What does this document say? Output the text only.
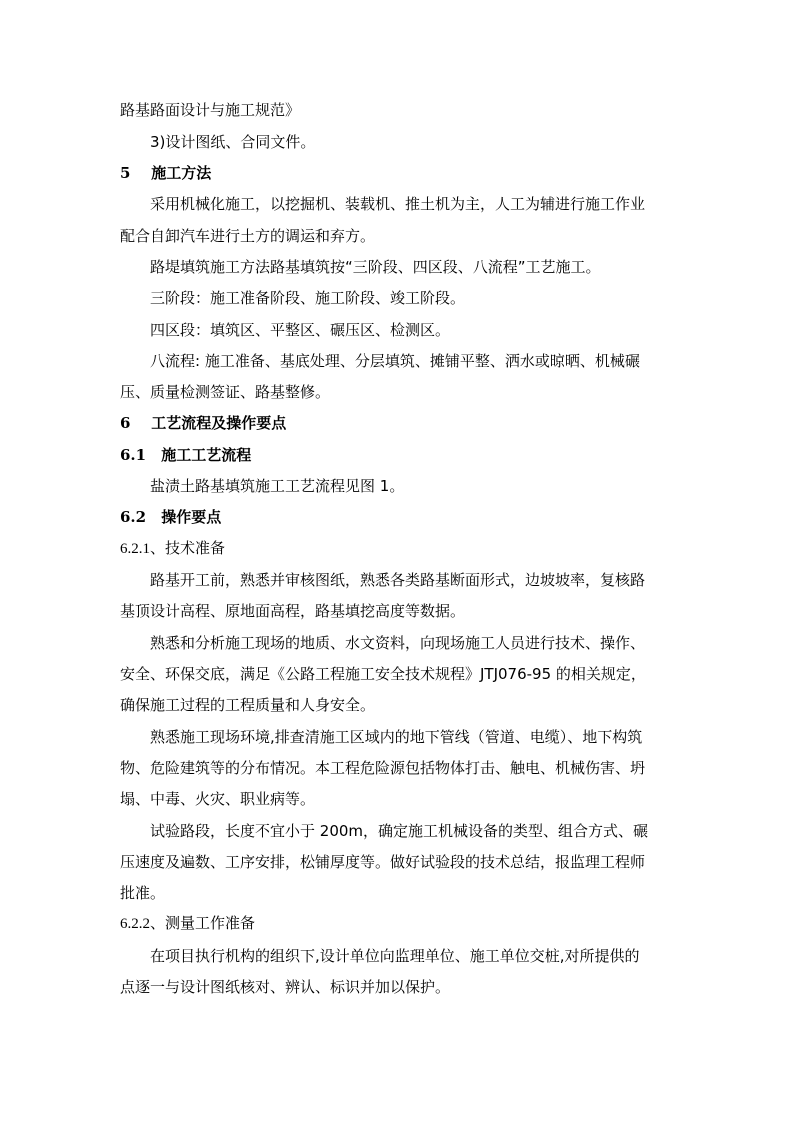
路基路面设计与施工规范》
3)设计图纸、合同文件。
5 施工方法
采用机械化施工，以挖掘机、装载机、推土机为主，人工为辅进行施工作业
配合自卸汽车进行土方的调运和弃方。
路堤填筑施工方法路基填筑按“三阶段、四区段、八流程”工艺施工。
三阶段：施工准备阶段、施工阶段、竣工阶段。
四区段：填筑区、平整区、碾压区、检测区。
八流程: 施工准备、基底处理、分层填筑、摊铺平整、洒水或晾晒、机械碾
压、质量检测签证、路基整修。
6 工艺流程及操作要点
6.1 施工工艺流程
盐渍土路基填筑施工工艺流程见图 1。
6.2 操作要点
6.2.1、技术准备
路基开工前，熟悉并审核图纸，熟悉各类路基断面形式，边坡坡率，复核路
基顶设计高程、原地面高程，路基填挖高度等数据。
熟悉和分析施工现场的地质、水文资料，向现场施工人员进行技术、操作、
安全、环保交底，满足《公路工程施工安全技术规程》JTJ076-95 的相关规定，
确保施工过程的工程质量和人身安全。
熟悉施工现场环境,排查清施工区域内的地下管线（管道、电缆）、地下构筑
物、危险建筑等的分布情况。本工程危险源包括物体打击、触电、机械伤害、坍
塌、中毒、火灾、职业病等。
试验路段，长度不宜小于 200m，确定施工机械设备的类型、组合方式、碾
压速度及遍数、工序安排，松铺厚度等。做好试验段的技术总结，报监理工程师
批准。
6.2.2、测量工作准备
在项目执行机构的组织下,设计单位向监理单位、施工单位交桩,对所提供的
点逐一与设计图纸核对、辨认、标识并加以保护。
